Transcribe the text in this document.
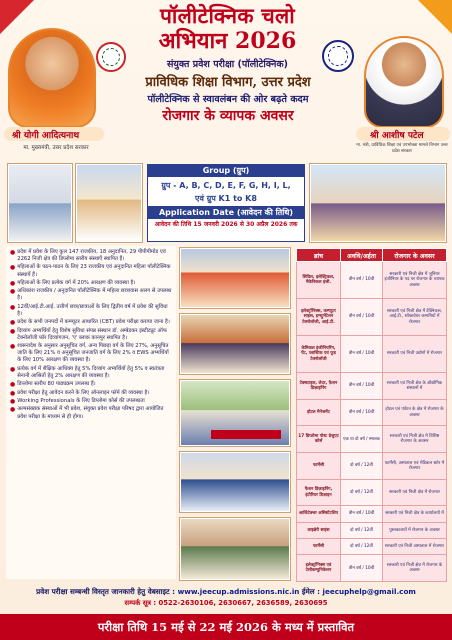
श्री योगी आदित्यनाथ
मा. मुख्यमंत्री, उत्तर प्रदेश सरकार
श्री आशीष पटेल
मा. मंत्री, प्राविधिक शिक्षा एवं उपभोक्ता मामले विभाग उत्तर प्रदेश सरकार
पॉलीटेक्निक चलो
अभियान 2026
संयुक्त प्रवेश परीक्षा (पॉलीटेक्निक)
प्राविधिक शिक्षा विभाग, उत्तर प्रदेश
पॉलीटेक्निक से स्वावलंबन की ओर बढ़ते कदम
रोजगार के व्यापक अवसर
Group (ग्रुप)
ग्रुप - A, B, C, D, E, F, G, H, I, L,
एवं ग्रुप K1 to K8
Application Date (आवेदन की तिथि)
आवेदन की तिथि 15 जनवरी 2026 से 30 अप्रैल 2026 तक
● प्रदेश में प्रवेश के लिए कुल 147 राजकीय, 18 अनुदानित, 29 पीपीपीमोड एवं 2262 निजी क्षेत्र की डिप्लोमा स्तरीय संस्थाएँ स्थापित हैं।
● महिलाओं के पठन-पाठन के लिए 23 राजकीय एवं अनुदानित महिला पॉलीटेक्निक संस्थायें हैं।
● महिलाओं के लिए प्रत्येक वर्ग में 20% आरक्षण की व्यवस्था है।
● अधिकांश राजकीय / अनुदानित पॉलीटेक्निक में महिला छात्रावास अलग से उपलब्ध है।
● 12वीं/आई.टी.आई. उत्तीर्ण छात्र/छात्राओं के लिए द्वितीय वर्ष में प्रवेश की सुविधा है।
● प्रदेश के सभी जनपदों में कम्प्यूटर आधारित (CBT) प्रवेश परीक्षा कराया जाना है।
● दिव्यांग अभ्यर्थियों हेतु विशेष सुविधा संपन्न संस्थान डॉ. अम्बेडकर इंस्टीट्यूट ऑफ टेक्नोलॉजी फॉर दिव्यांगजन, 'ए' ब्लाक कानपुर स्थापित है।
● शासनादेश के अनुसार अनुसूचित वर्ग, अन्य पिछड़ा वर्ग के लिए 27%, अनुसूचित जाति के लिए 21% व अनुसूचित जनजाति वर्ग के लिए 2% व EWS अभ्यर्थियों के लिए 10% आरक्षण की व्यवस्था है।
● प्रत्येक वर्ग में शैक्षिक आधिक्य हेतु 5% दिव्यांग अभ्यर्थियों हेतु 5% व स्वतंत्रता सेनानी आश्रितों हेतु 2% आरक्षण की व्यवस्था है।
● डिप्लोमा स्तरीय 80 पाठ्यक्रम उपलब्ध हैं।
● प्रवेश परीक्षा हेतु आवेदन करने के लिए ऑनलाइन फॉर्म की व्यवस्था है।
● Working Professionals के लिए डिप्लोमा कोर्स की उपलब्धता
● अल्पसंख्यक संस्थाओं में भी प्रवेश, संयुक्त प्रवेश परीक्षा परिषद द्वारा आयोजित प्रवेश परीक्षा के माध्यम से ही होगा।
ब्रांच	अवधि/अर्हता	रोजगार के अवसर
सिविल, इलेक्ट्रिकल, मैकेनिकल इंजी.	तीन वर्ष / 10वीं	सरकारी एवं निजी क्षेत्र में जूनियर इंजीनियर के पद पर रोजगार के व्यापक अवसर
इलेक्ट्रॉनिक्स, कम्प्यूटर साइंस, इन्स्ट्रूमेंटेशन टेक्नोलॉजी, आई.टी.	तीन वर्ष / 10वीं	सरकारी एवं निजी क्षेत्र में टेक्निकल, आई.टी., सॉफ्टवेयर कम्पनियों में रोजगार
केमिकल इंजीनियरिंग, पेंट, प्लास्टिक एवं फूड टेक्नोलॉजी	तीन वर्ष / 10वीं	सरकारी एवं निजी उद्योगों में रोजगार
टेक्सटाइल, लेदर, फ़ैशन डिज़ाइनिंग	तीन वर्ष / 10वीं	सरकारी एवं निजी क्षेत्र के औद्योगिक संस्थानों में
होटल मैनेजमेंट	तीन वर्ष / 10वीं	होटल एवं पर्यटन के क्षेत्र में रोजगार के अवसर
17 डिप्लोमा पोस्ट ग्रेजुएट कोर्स	एक या दो वर्ष / स्नातक	सरकारी एवं निजी क्षेत्र में विशिष्ट रोजगार के अवसर
फार्मेसी	दो वर्ष / 12वीं	फार्मेसी, अस्पताल एवं मेडिकल स्टोर में रोजगार
फैशन डिज़ाइनिंग, इंटीरियर डिज़ाइन	दो वर्ष / 12वीं	सरकारी एवं निजी क्षेत्र में रोजगार
आर्किटेक्चर असिस्टेंटशिप	तीन वर्ष / 10वीं	सरकारी एवं निजी क्षेत्र के कार्यालयों में
लाइब्रेरी साइंस	दो वर्ष / 12वीं	पुस्तकालयों में रोजगार के अवसर
फार्मेसी	दो वर्ष / 12वीं	सरकारी एवं निजी अस्पताल में रोजगार
इलेक्ट्रॉनिक्स एवं टेलीकम्युनिकेशन	तीन वर्ष / 10वीं	सरकारी एवं निजी क्षेत्र में रोजगार के अवसर
प्रवेश परीक्षा सम्बन्धी विस्तृत जानकारी हेतु वेबसाइट : www.jeecup.admissions.nic.in ईमेल : jeecuphelp@gmail.com
सम्पर्क सूत्र : 0522-2630106, 2630667, 2636589, 2630695
परीक्षा तिथि 15 मई से 22 मई 2026 के मध्य में प्रस्तावित
